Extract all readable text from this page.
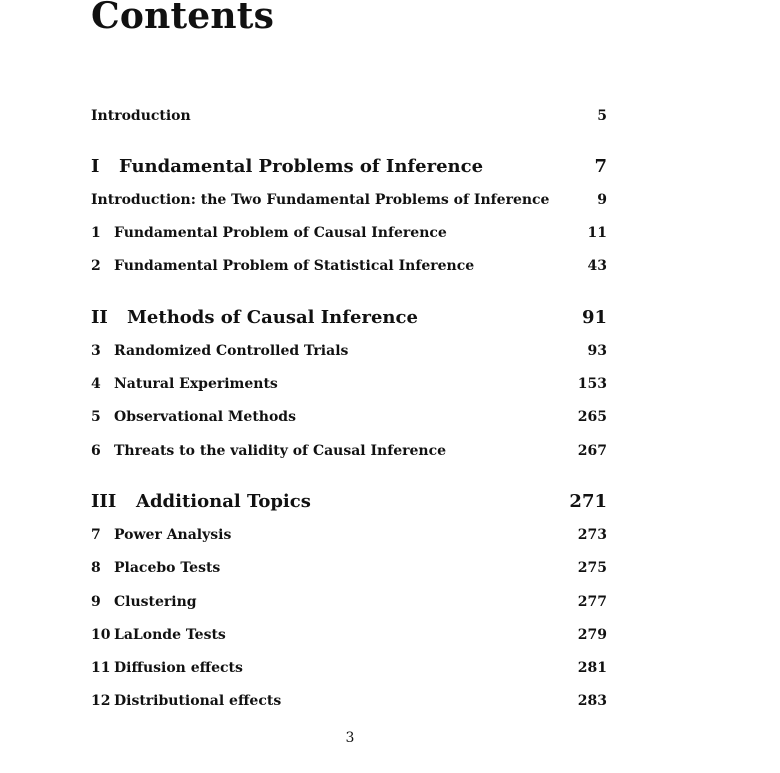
Contents
Introduction	5
I	Fundamental Problems of Inference	7
Introduction: the Two Fundamental Problems of Inference	9
1 Fundamental Problem of Causal Inference	11
2 Fundamental Problem of Statistical Inference	43
II	Methods of Causal Inference	91
3 Randomized Controlled Trials	93
4 Natural Experiments	153
5 Observational Methods	265
6 Threats to the validity of Causal Inference	267
III	Additional Topics	271
7 Power Analysis	273
8 Placebo Tests	275
9 Clustering	277
10 LaLonde Tests	279
11 Diffusion effects	281
12 Distributional effects	283
3
